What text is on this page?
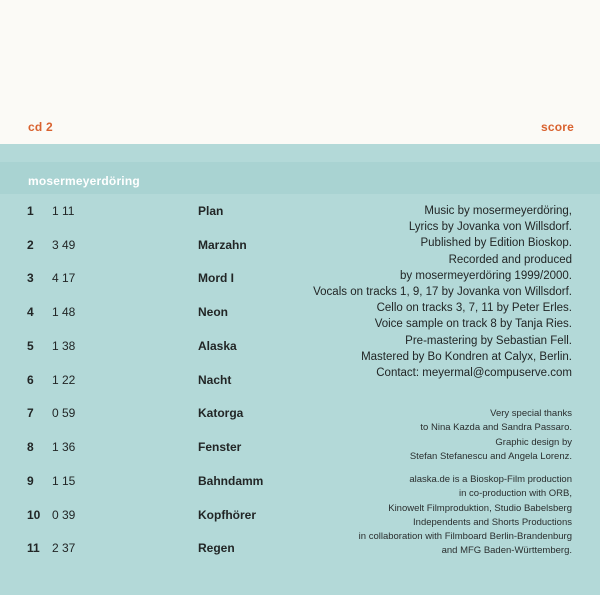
cd 2	score
mosermeyerdöring
1 1 11	Plan
2 3 49	Marzahn
3 4 17	Mord I
4 1 48	Neon
5 1 38	Alaska
6 1 22	Nacht
7 0 59	Katorga
8 1 36	Fenster
9 1 15	Bahndamm
10 0 39	Kopfhörer
11 2 37	Regen
Music by mosermeyerdöring,
Lyrics by Jovanka von Willsdorf.
Published by Edition Bioskop.
Recorded and produced
by mosermeyerdöring 1999/2000.
Vocals on tracks 1, 9, 17 by Jovanka von Willsdorf.
Cello on tracks 3, 7, 11 by Peter Erles.
Voice sample on track 8 by Tanja Ries.
Pre-mastering by Sebastian Fell.
Mastered by Bo Kondren at Calyx, Berlin.
Contact: meyermal@compuserve.com
Very special thanks
to Nina Kazda and Sandra Passaro.
Graphic design by
Stefan Stefanescu and Angela Lorenz.
alaska.de is a Bioskop-Film production
in co-production with ORB,
Kinowelt Filmproduktion, Studio Babelsberg
Independents and Shorts Productions
in collaboration with Filmboard Berlin-Brandenburg
and MFG Baden-Württemberg.
